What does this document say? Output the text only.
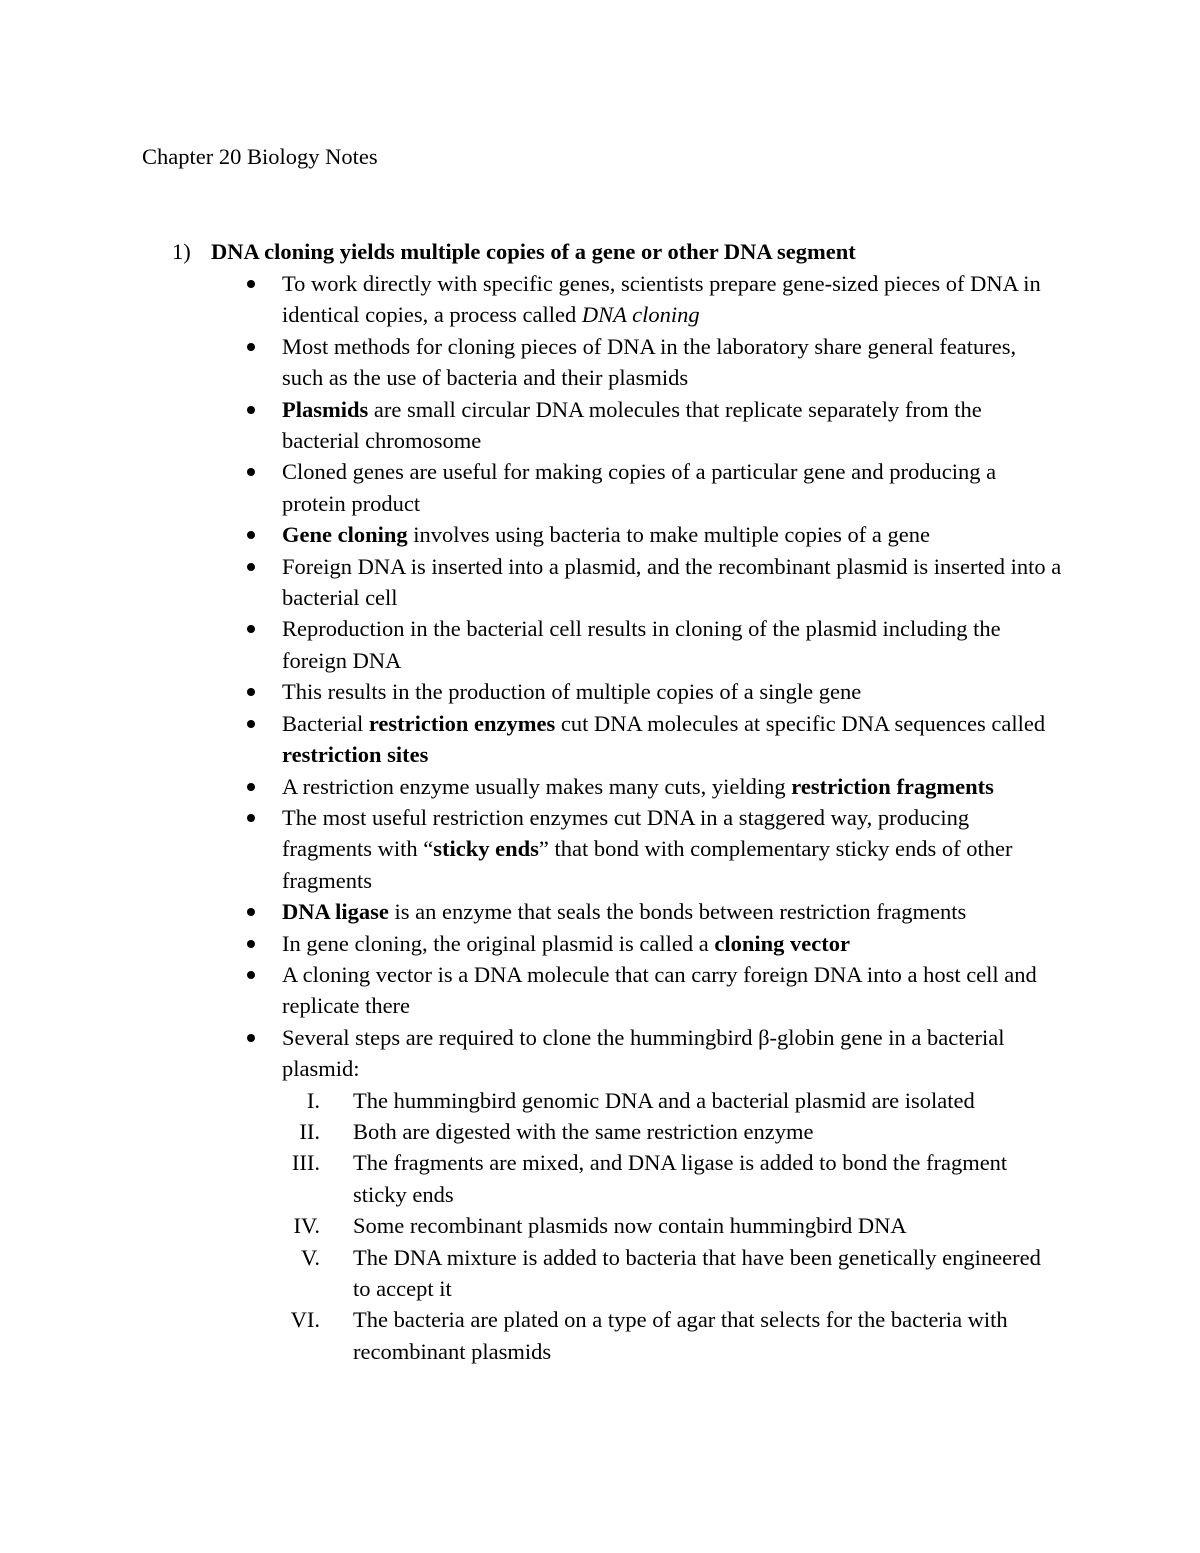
Chapter 20 Biology Notes
1) DNA cloning yields multiple copies of a gene or other DNA segment
To work directly with specific genes, scientists prepare gene-sized pieces of DNA in identical copies, a process called DNA cloning
Most methods for cloning pieces of DNA in the laboratory share general features, such as the use of bacteria and their plasmids
Plasmids are small circular DNA molecules that replicate separately from the bacterial chromosome
Cloned genes are useful for making copies of a particular gene and producing a protein product
Gene cloning involves using bacteria to make multiple copies of a gene
Foreign DNA is inserted into a plasmid, and the recombinant plasmid is inserted into a bacterial cell
Reproduction in the bacterial cell results in cloning of the plasmid including the foreign DNA
This results in the production of multiple copies of a single gene
Bacterial restriction enzymes cut DNA molecules at specific DNA sequences called restriction sites
A restriction enzyme usually makes many cuts, yielding restriction fragments
The most useful restriction enzymes cut DNA in a staggered way, producing fragments with “sticky ends” that bond with complementary sticky ends of other fragments
DNA ligase is an enzyme that seals the bonds between restriction fragments
In gene cloning, the original plasmid is called a cloning vector
A cloning vector is a DNA molecule that can carry foreign DNA into a host cell and replicate there
Several steps are required to clone the hummingbird β-globin gene in a bacterial plasmid:
I. The hummingbird genomic DNA and a bacterial plasmid are isolated
II. Both are digested with the same restriction enzyme
III. The fragments are mixed, and DNA ligase is added to bond the fragment sticky ends
IV. Some recombinant plasmids now contain hummingbird DNA
V. The DNA mixture is added to bacteria that have been genetically engineered to accept it
VI. The bacteria are plated on a type of agar that selects for the bacteria with recombinant plasmids
